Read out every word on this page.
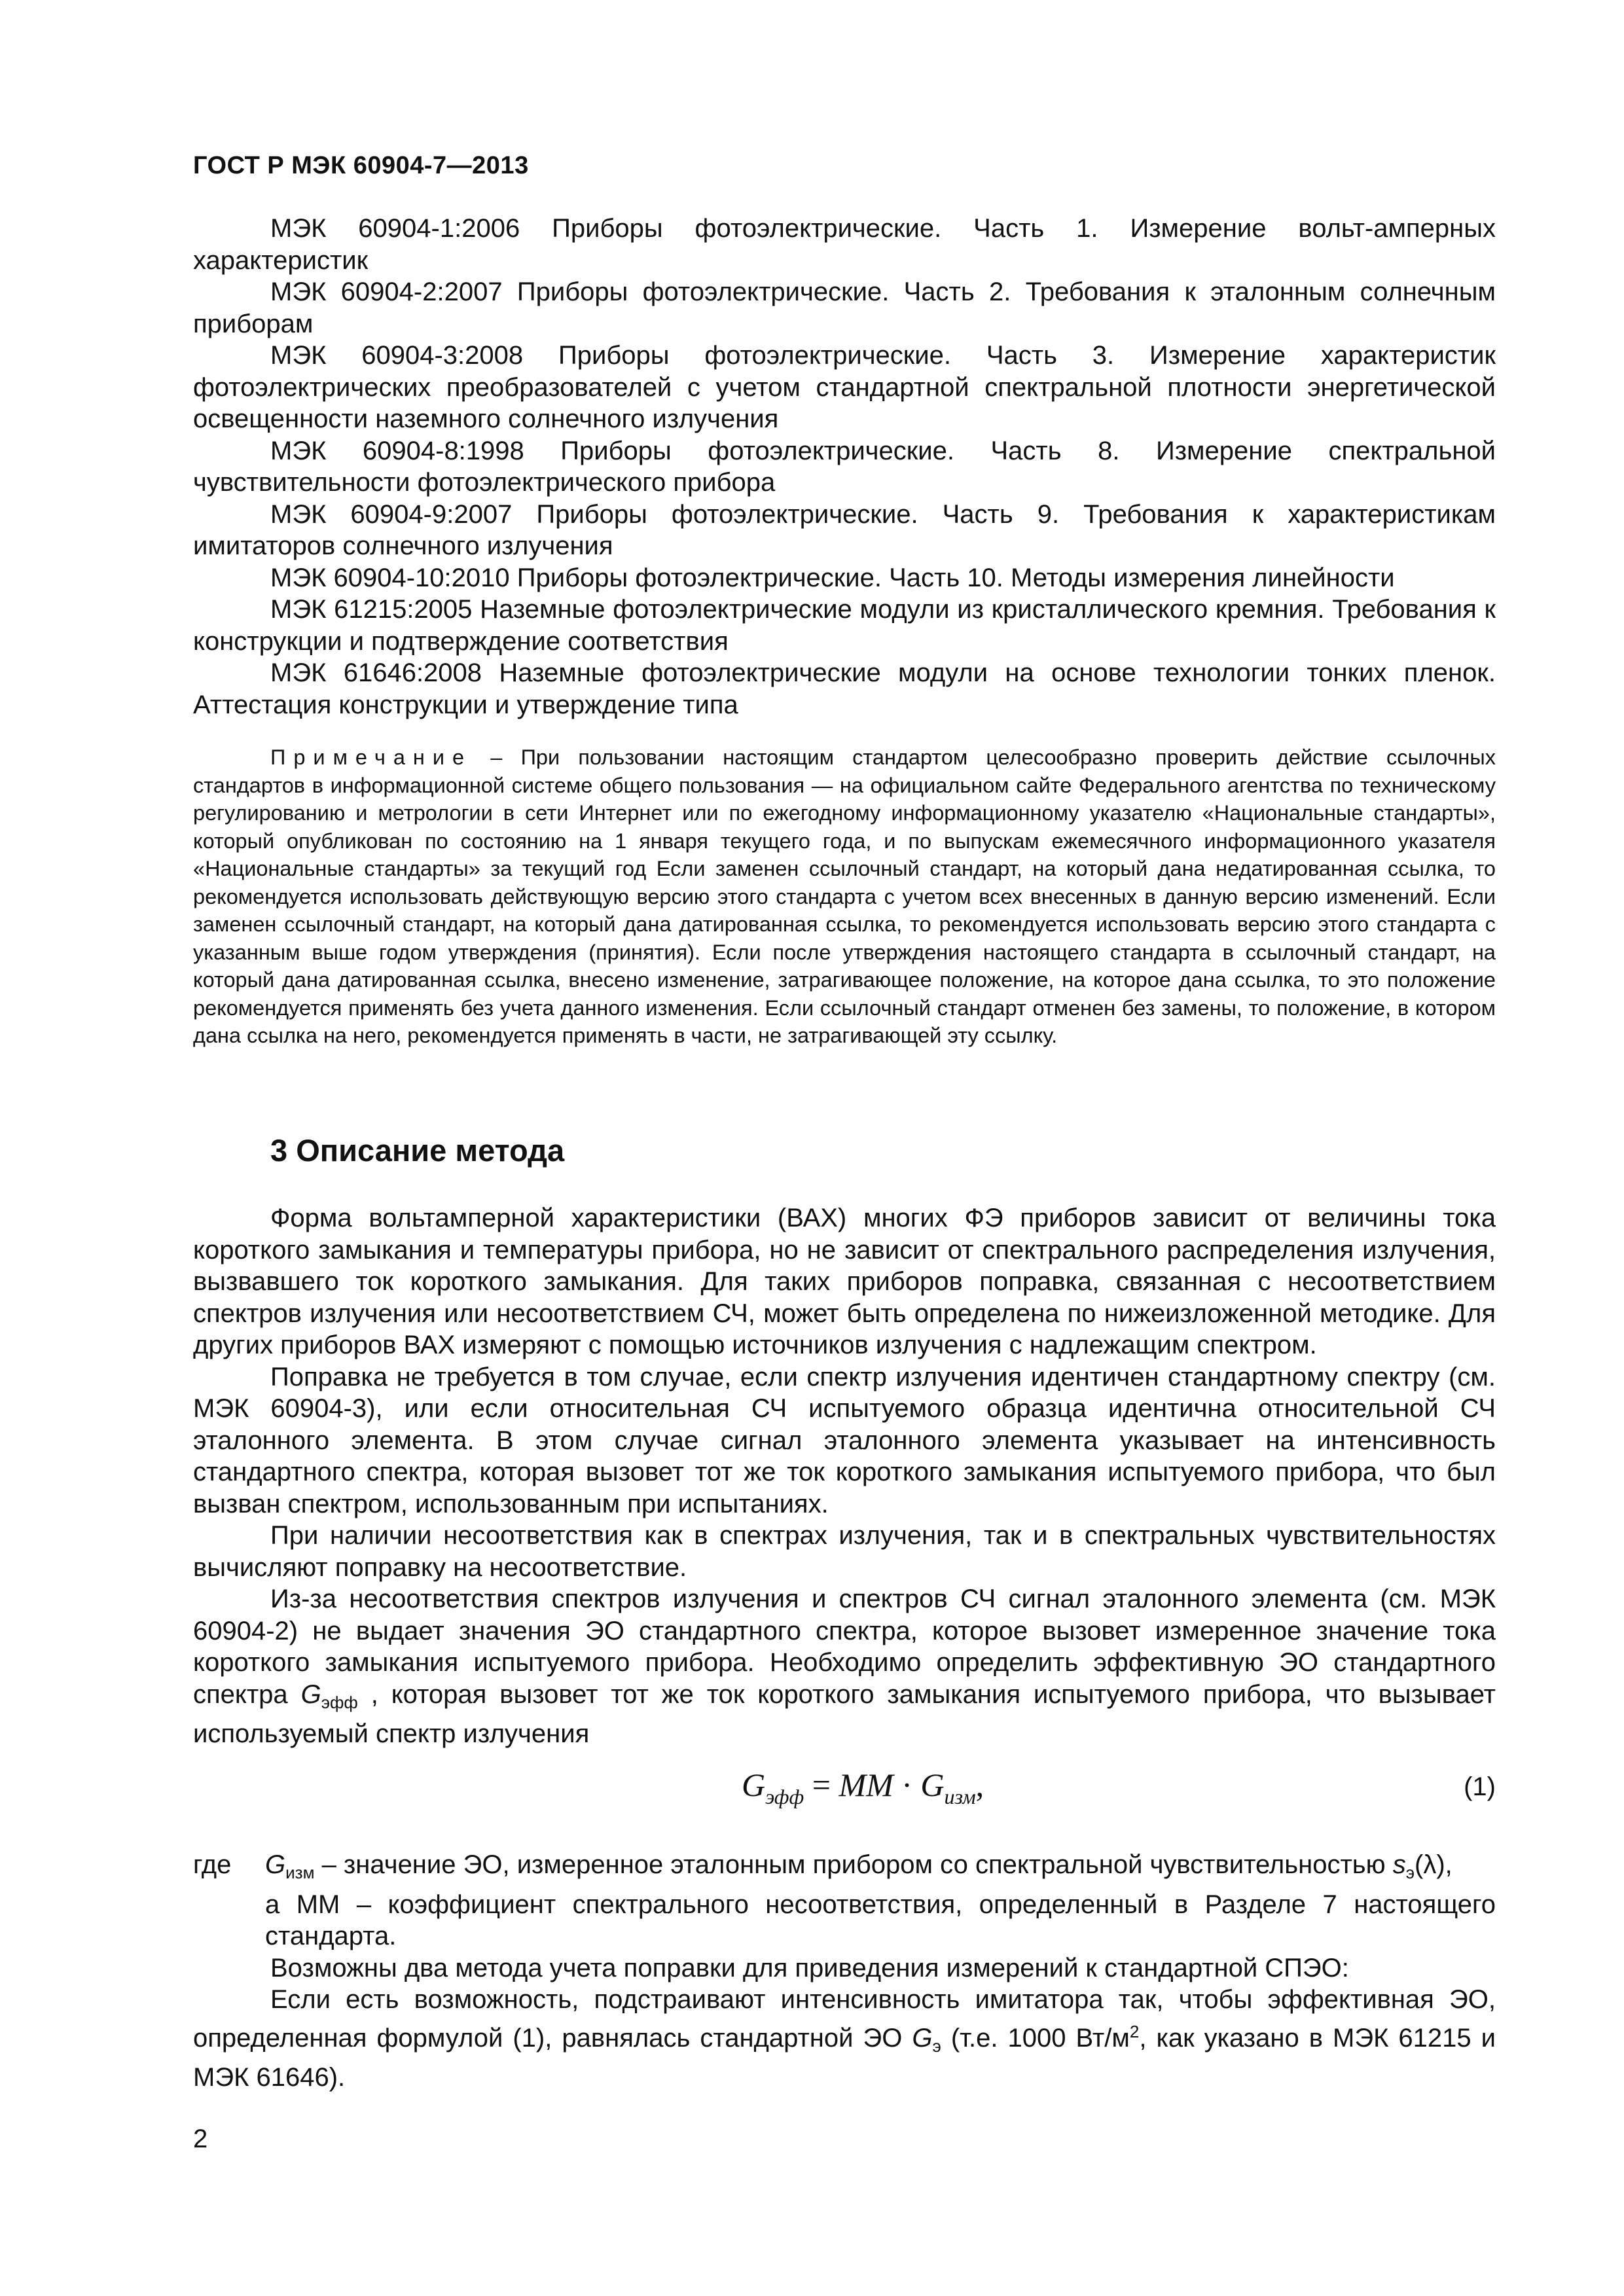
ГОСТ Р МЭК 60904-7—2013

МЭК 60904-1:2006 Приборы фотоэлектрические. Часть 1. Измерение вольт-амперных характеристик

МЭК 60904-2:2007 Приборы фотоэлектрические. Часть 2. Требования к эталонным солнечным приборам

МЭК 60904-3:2008 Приборы фотоэлектрические. Часть 3. Измерение характеристик фотоэлектрических преобразователей с учетом стандартной спектральной плотности энергетической освещенности наземного солнечного излучения

МЭК 60904-8:1998 Приборы фотоэлектрические. Часть 8. Измерение спектральной чувствительности фотоэлектрического прибора

МЭК 60904-9:2007 Приборы фотоэлектрические. Часть 9. Требования к характеристикам имитаторов солнечного излучения

МЭК 60904-10:2010 Приборы фотоэлектрические. Часть 10. Методы измерения линейности

МЭК 61215:2005 Наземные фотоэлектрические модули из кристаллического кремния. Требования к конструкции и подтверждение соответствия

МЭК 61646:2008 Наземные фотоэлектрические модули на основе технологии тонких пленок. Аттестация конструкции и утверждение типа

Примечание – При пользовании настоящим стандартом целесообразно проверить действие ссылочных стандартов в информационной системе общего пользования — на официальном сайте Федерального агентства по техническому регулированию и метрологии в сети Интернет или по ежегодному информационному указателю «Национальные стандарты», который опубликован по состоянию на 1 января текущего года, и по выпускам ежемесячного информационного указателя «Национальные стандарты» за текущий год Если заменен ссылочный стандарт, на который дана недатированная ссылка, то рекомендуется использовать действующую версию этого стандарта с учетом всех внесенных в данную версию изменений. Если заменен ссылочный стандарт, на который дана датированная ссылка, то рекомендуется использовать версию этого стандарта с указанным выше годом утверждения (принятия). Если после утверждения настоящего стандарта в ссылочный стандарт, на который дана датированная ссылка, внесено изменение, затрагивающее положение, на которое дана ссылка, то это положение рекомендуется применять без учета данного изменения. Если ссылочный стандарт отменен без замены, то положение, в котором дана ссылка на него, рекомендуется применять в части, не затрагивающей эту ссылку.

3 Описание метода

Форма вольтамперной характеристики (ВАХ) многих ФЭ приборов зависит от величины тока короткого замыкания и температуры прибора, но не зависит от спектрального распределения излучения, вызвавшего ток короткого замыкания. Для таких приборов поправка, связанная с несоответствием спектров излучения или несоответствием СЧ, может быть определена по нижеизложенной методике. Для других приборов ВАХ измеряют с помощью источников излучения с надлежащим спектром.

Поправка не требуется в том случае, если спектр излучения идентичен стандартному спектру (см. МЭК 60904-3), или если относительная СЧ испытуемого образца идентична относительной СЧ эталонного элемента. В этом случае сигнал эталонного элемента указывает на интенсивность стандартного спектра, которая вызовет тот же ток короткого замыкания испытуемого прибора, что был вызван спектром, использованным при испытаниях.

При наличии несоответствия как в спектрах излучения, так и в спектральных чувствительностях вычисляют поправку на несоответствие.

Из-за несоответствия спектров излучения и спектров СЧ сигнал эталонного элемента (см. МЭК 60904-2) не выдает значения ЭО стандартного спектра, которое вызовет измеренное значение тока короткого замыкания испытуемого прибора. Необходимо определить эффективную ЭО стандартного спектра $G_{эфф}$ , которая вызовет тот же ток короткого замыкания испытуемого прибора, что вызывает используемый спектр излучения

$G_{эфф}$ = MM · $G_{изм}$,	(1)
где $G_{изм}$ – значение ЭО, измеренное эталонным прибором со спектральной чувствительностью $s_э(\lambda)$,

а ММ – коэффициент спектрального несоответствия, определенный в Разделе 7 настоящего стандарта.

Возможны два метода учета поправки для приведения измерений к стандартной СПЭО:

Если есть возможность, подстраивают интенсивность имитатора так, чтобы эффективная ЭО, определенная формулой (1), равнялась стандартной ЭО $G_э$ (т.е. 1000 $Вт/м^2$, как указано в МЭК 61215 и МЭК 61646).

2
